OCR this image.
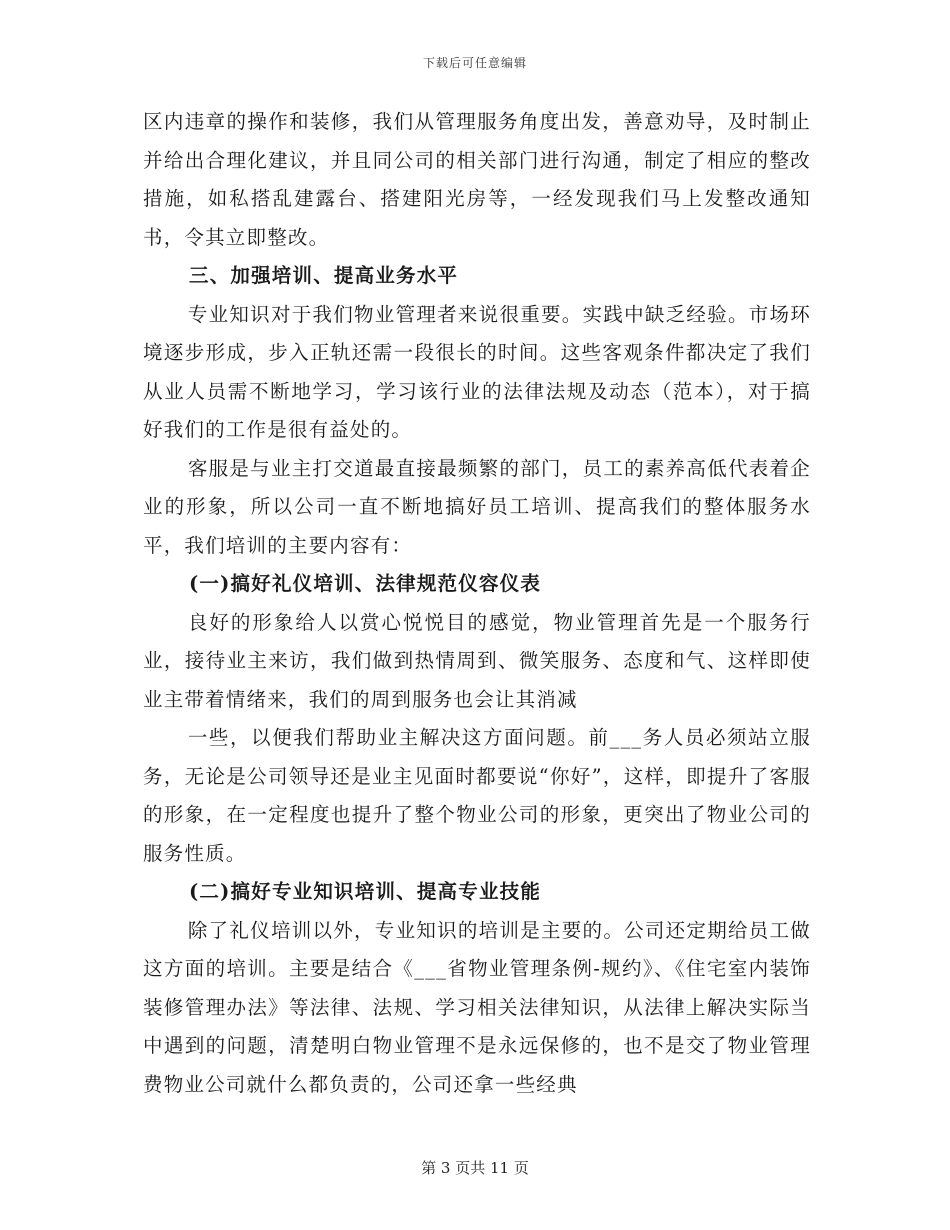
下载后可任意编辑

区内违章的操作和装修，我们从管理服务角度出发，善意劝导，及时制止并给出合理化建议，并且同公司的相关部门进行沟通，制定了相应的整改措施，如私搭乱建露台、搭建阳光房等，一经发现我们马上发整改通知书，令其立即整改。

三、加强培训、提高业务水平

专业知识对于我们物业管理者来说很重要。实践中缺乏经验。市场环境逐步形成，步入正轨还需一段很长的时间。这些客观条件都决定了我们从业人员需不断地学习，学习该行业的法律法规及动态（范本），对于搞好我们的工作是很有益处的。

客服是与业主打交道最直接最频繁的部门，员工的素养高低代表着企业的形象，所以公司一直不断地搞好员工培训、提高我们的整体服务水平，我们培训的主要内容有：

(一)搞好礼仪培训、法律规范仪容仪表

良好的形象给人以赏心悦悦目的感觉，物业管理首先是一个服务行业，接待业主来访，我们做到热情周到、微笑服务、态度和气、这样即使业主带着情绪来，我们的周到服务也会让其消减

一些，以便我们帮助业主解决这方面问题。前___务人员必须站立服务，无论是公司领导还是业主见面时都要说“你好”，这样，即提升了客服的形象，在一定程度也提升了整个物业公司的形象，更突出了物业公司的服务性质。

(二)搞好专业知识培训、提高专业技能

除了礼仪培训以外，专业知识的培训是主要的。公司还定期给员工做这方面的培训。主要是结合《___省物业管理条例-规约》、《住宅室内装饰装修管理办法》等法律、法规、学习相关法律知识，从法律上解决实际当中遇到的问题，清楚明白物业管理不是永远保修的，也不是交了物业管理费物业公司就什么都负责的，公司还拿一些经典

第 3 页共 11 页
